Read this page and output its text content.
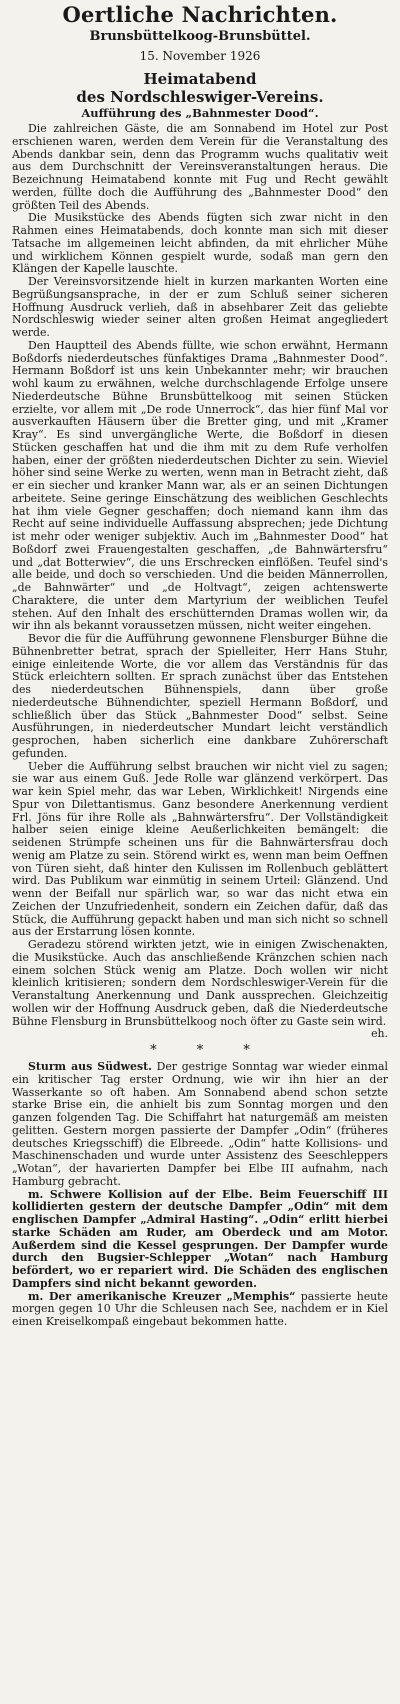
Oertliche Nachrichten.
Brunsbüttelkoog-Brunsbüttel.
15. November 1926
Heimatabend
des Nordschleswiger-Vereins.
Aufführung des „Bahnmester Dood“.

Die zahlreichen Gäste, die am Sonnabend im Hotel zur Post erschienen waren, werden dem Verein für die Veranstaltung des Abends dankbar sein, denn das Programm wuchs qualitativ weit aus dem Durchschnitt der Vereinsveranstaltungen heraus. Die Bezeichnung Heimatabend konnte mit Fug und Recht gewählt werden, füllte doch die Aufführung des „Bahnmester Dood“ den größten Teil des Abends.

Die Musikstücke des Abends fügten sich zwar nicht in den Rahmen eines Heimatabends, doch konnte man sich mit dieser Tatsache im allgemeinen leicht abfinden, da mit ehrlicher Mühe und wirklichem Können gespielt wurde, sodaß man gern den Klängen der Kapelle lauschte.

Der Vereinsvorsitzende hielt in kurzen markanten Worten eine Begrüßungsansprache, in der er zum Schluß seiner sicheren Hoffnung Ausdruck verlieh, daß in absehbarer Zeit das geliebte Nordschleswig wieder seiner alten großen Heimat angegliedert werde.

Den Hauptteil des Abends füllte, wie schon erwähnt, Hermann Boßdorfs niederdeutsches fünfaktiges Drama „Bahnmester Dood“. Hermann Boßdorf ist uns kein Unbekannter mehr; wir brauchen wohl kaum zu erwähnen, welche durchschlagende Erfolge unsere Niederdeutsche Bühne Brunsbüttelkoog mit seinen Stücken erzielte, vor allem mit „De rode Unnerrock“, das hier fünf Mal vor ausverkauften Häusern über die Bretter ging, und mit „Kramer Kray“. Es sind unvergängliche Werte, die Boßdorf in diesen Stücken geschaffen hat und die ihm mit zu dem Rufe verholfen haben, einer der größten niederdeutschen Dichter zu sein. Wieviel höher sind seine Werke zu werten, wenn man in Betracht zieht, daß er ein siecher und kranker Mann war, als er an seinen Dichtungen arbeitete. Seine geringe Einschätzung des weiblichen Geschlechts hat ihm viele Gegner geschaffen; doch niemand kann ihm das Recht auf seine individuelle Auffassung absprechen; jede Dichtung ist mehr oder weniger subjektiv. Auch im „Bahnmester Dood“ hat Boßdorf zwei Frauengestalten geschaffen, „de Bahnwärtersfru“ und „dat Botterwiev“, die uns Erschrecken einflößen. Teufel sind's alle beide, und doch so verschieden. Und die beiden Männerrollen, „de Bahnwärter“ und „de Holtvagt“, zeigen achtenswerte Charaktere, die unter dem Martyrium der weiblichen Teufel stehen. Auf den Inhalt des erschütternden Dramas wollen wir, da wir ihn als bekannt voraussetzen müssen, nicht weiter eingehen.

Bevor die für die Aufführung gewonnene Flensburger Bühne die Bühnenbretter betrat, sprach der Spielleiter, Herr Hans Stuhr, einige einleitende Worte, die vor allem das Verständnis für das Stück erleichtern sollten. Er sprach zunächst über das Entstehen des niederdeutschen Bühnenspiels, dann über große niederdeutsche Bühnendichter, speziell Hermann Boßdorf, und schließlich über das Stück „Bahnmester Dood“ selbst. Seine Ausführungen, in niederdeutscher Mundart leicht verständlich gesprochen, haben sicherlich eine dankbare Zuhörerschaft gefunden.

Ueber die Aufführung selbst brauchen wir nicht viel zu sagen; sie war aus einem Guß. Jede Rolle war glänzend verkörpert. Das war kein Spiel mehr, das war Leben, Wirklichkeit! Nirgends eine Spur von Dilettantismus. Ganz besondere Anerkennung verdient Frl. Jöns für ihre Rolle als „Bahnwärtersfru“. Der Vollständigkeit halber seien einige kleine Aeußerlichkeiten bemängelt: die seidenen Strümpfe scheinen uns für die Bahnwärtersfrau doch wenig am Platze zu sein. Störend wirkt es, wenn man beim Oeffnen von Türen sieht, daß hinter den Kulissen im Rollenbuch geblättert wird. Das Publikum war einmütig in seinem Urteil: Glänzend. Und wenn der Beifall nur spärlich war, so war das nicht etwa ein Zeichen der Unzufriedenheit, sondern ein Zeichen dafür, daß das Stück, die Aufführung gepackt haben und man sich nicht so schnell aus der Erstarrung lösen konnte.

Geradezu störend wirkten jetzt, wie in einigen Zwischenakten, die Musikstücke. Auch das anschließende Kränzchen schien nach einem solchen Stück wenig am Platze. Doch wollen wir nicht kleinlich kritisieren; sondern dem Nordschleswiger-Verein für die Veranstaltung Anerkennung und Dank aussprechen. Gleichzeitig wollen wir der Hoffnung Ausdruck geben, daß die Niederdeutsche Bühne Flensburg in Brunsbüttelkoog noch öfter zu Gaste sein wird.

eh.
* * *

Sturm aus Südwest. Der gestrige Sonntag war wieder einmal ein kritischer Tag erster Ordnung, wie wir ihn hier an der Wasserkante so oft haben. Am Sonnabend abend schon setzte starke Brise ein, die anhielt bis zum Sonntag morgen und den ganzen folgenden Tag. Die Schiffahrt hat naturgemäß am meisten gelitten. Gestern morgen passierte der Dampfer „Odin“ (früheres deutsches Kriegsschiff) die Elbreede. „Odin“ hatte Kollisions- und Maschinenschaden und wurde unter Assistenz des Seeschleppers „Wotan“, der havarierten Dampfer bei Elbe III aufnahm, nach Hamburg gebracht.

m. Schwere Kollision auf der Elbe. Beim Feuerschiff III kollidierten gestern der deutsche Dampfer „Odin“ mit dem englischen Dampfer „Admiral Hasting“. „Odin“ erlitt hierbei starke Schäden am Ruder, am Oberdeck und am Motor. Außerdem sind die Kessel gesprungen. Der Dampfer wurde durch den Bugsier-Schlepper „Wotan“ nach Hamburg befördert, wo er repariert wird. Die Schäden des englischen Dampfers sind nicht bekannt geworden.

m. Der amerikanische Kreuzer „Memphis“ passierte heute morgen gegen 10 Uhr die Schleusen nach See, nachdem er in Kiel einen Kreiselkompaß eingebaut bekommen hatte.
